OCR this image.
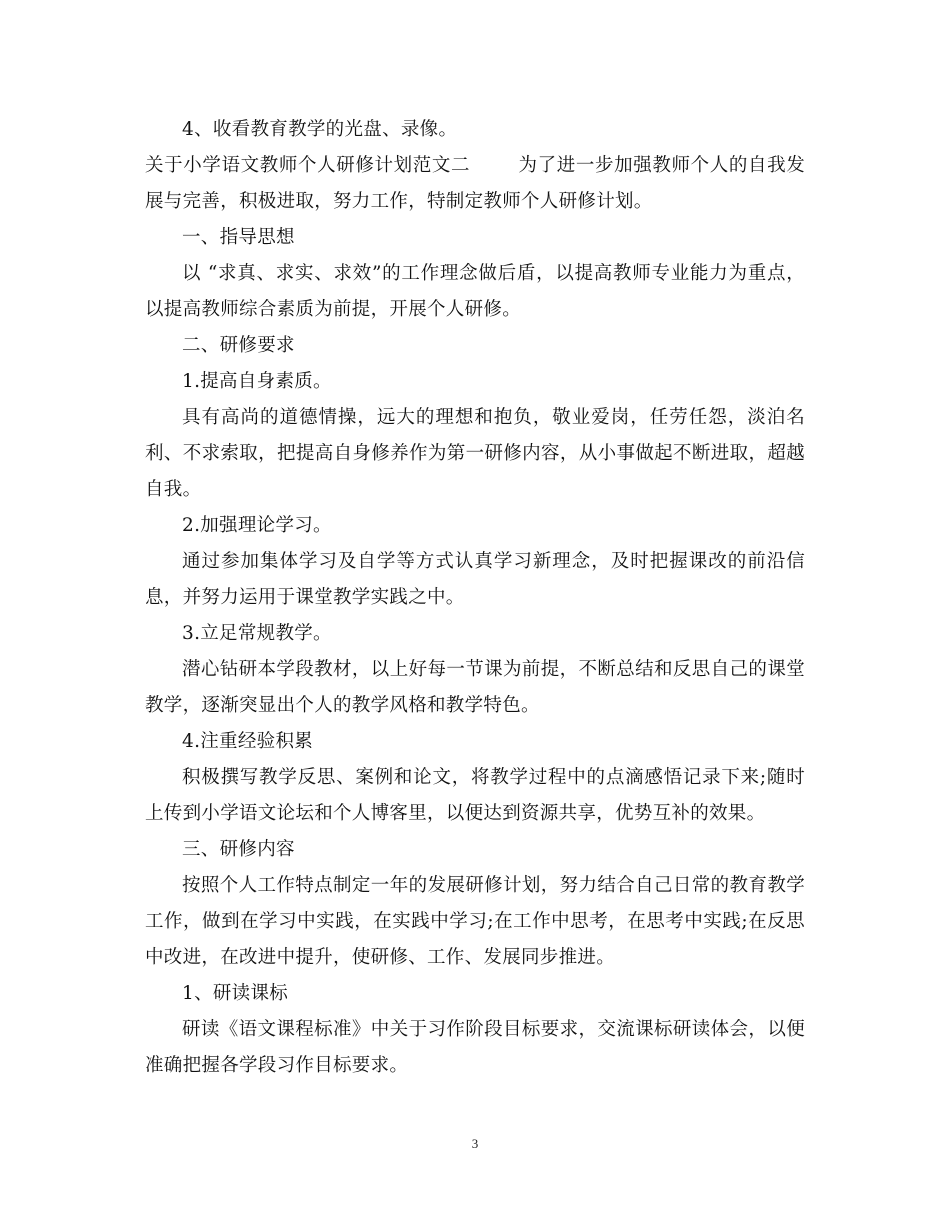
4、收看教育教学的光盘、录像。

关于小学语文教师个人研修计划范文二	为了进一步加强教师个人的自我发展与完善，积极进取，努力工作，特制定教师个人研修计划。

一、指导思想

以 “求真、求实、求效”的工作理念做后盾，以提高教师专业能力为重点，以提高教师综合素质为前提，开展个人研修。

二、研修要求

1.提高自身素质。

具有高尚的道德情操，远大的理想和抱负，敬业爱岗，任劳任怨，淡泊名利、不求索取，把提高自身修养作为第一研修内容，从小事做起不断进取，超越自我。

2.加强理论学习。

通过参加集体学习及自学等方式认真学习新理念，及时把握课改的前沿信息，并努力运用于课堂教学实践之中。

3.立足常规教学。

潜心钻研本学段教材，以上好每一节课为前提，不断总结和反思自己的课堂教学，逐渐突显出个人的教学风格和教学特色。

4.注重经验积累

积极撰写教学反思、案例和论文，将教学过程中的点滴感悟记录下来;随时上传到小学语文论坛和个人博客里，以便达到资源共享，优势互补的效果。

三、研修内容

按照个人工作特点制定一年的发展研修计划，努力结合自己日常的教育教学工作，做到在学习中实践，在实践中学习;在工作中思考，在思考中实践;在反思中改进，在改进中提升，使研修、工作、发展同步推进。

1、研读课标

研读《语文课程标准》中关于习作阶段目标要求，交流课标研读体会，以便准确把握各学段习作目标要求。

3
